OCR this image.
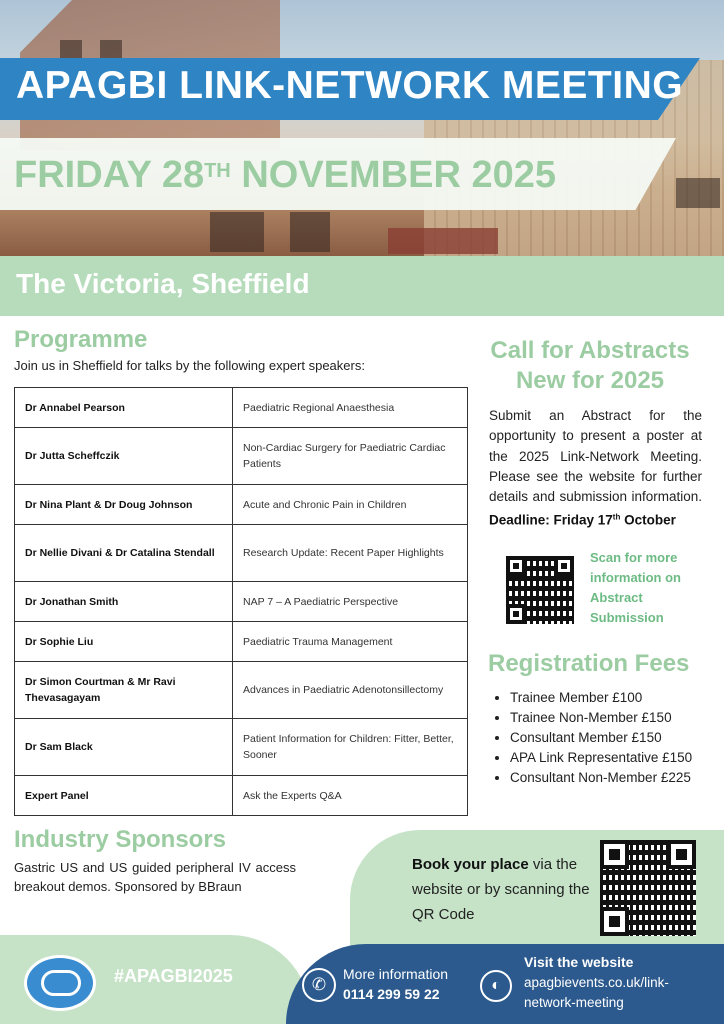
APAGBI LINK-NETWORK MEETING
FRIDAY 28TH NOVEMBER 2025
The Victoria, Sheffield
Programme
Join us in Sheffield for talks by the following expert speakers:
Dr Annabel Pearson	Paediatric Regional Anaesthesia
Dr Jutta Scheffczik	Non-Cardiac Surgery for Paediatric Cardiac Patients
Dr Nina Plant & Dr Doug Johnson	Acute and Chronic Pain in Children
Dr Nellie Divani & Dr Catalina Stendall	Research Update: Recent Paper Highlights
Dr Jonathan Smith	NAP 7 – A Paediatric Perspective
Dr Sophie Liu	Paediatric Trauma Management
Dr Simon Courtman & Mr Ravi Thevasagayam	Advances in Paediatric Adenotonsillectomy
Dr Sam Black	Patient Information for Children: Fitter, Better, Sooner
Expert Panel	Ask the Experts Q&A
Call for Abstracts
New for 2025
Submit an Abstract for the opportunity to present a poster at the 2025 Link-Network Meeting. Please see the website for further details and submission information. Deadline: Friday 17th October
Scan for more information on Abstract Submission
Registration Fees
• Trainee Member £100
• Trainee Non-Member £150
• Consultant Member £150
• APA Link Representative £150
• Consultant Non-Member £225
Industry Sponsors
Gastric US and US guided peripheral IV access breakout demos. Sponsored by BBraun
Book your place via the website or by scanning the QR Code
#APAGBI2025	✆
More information
0114 299 59 22	◐
Visit the website
apagbievents.co.uk/link-network-meeting
